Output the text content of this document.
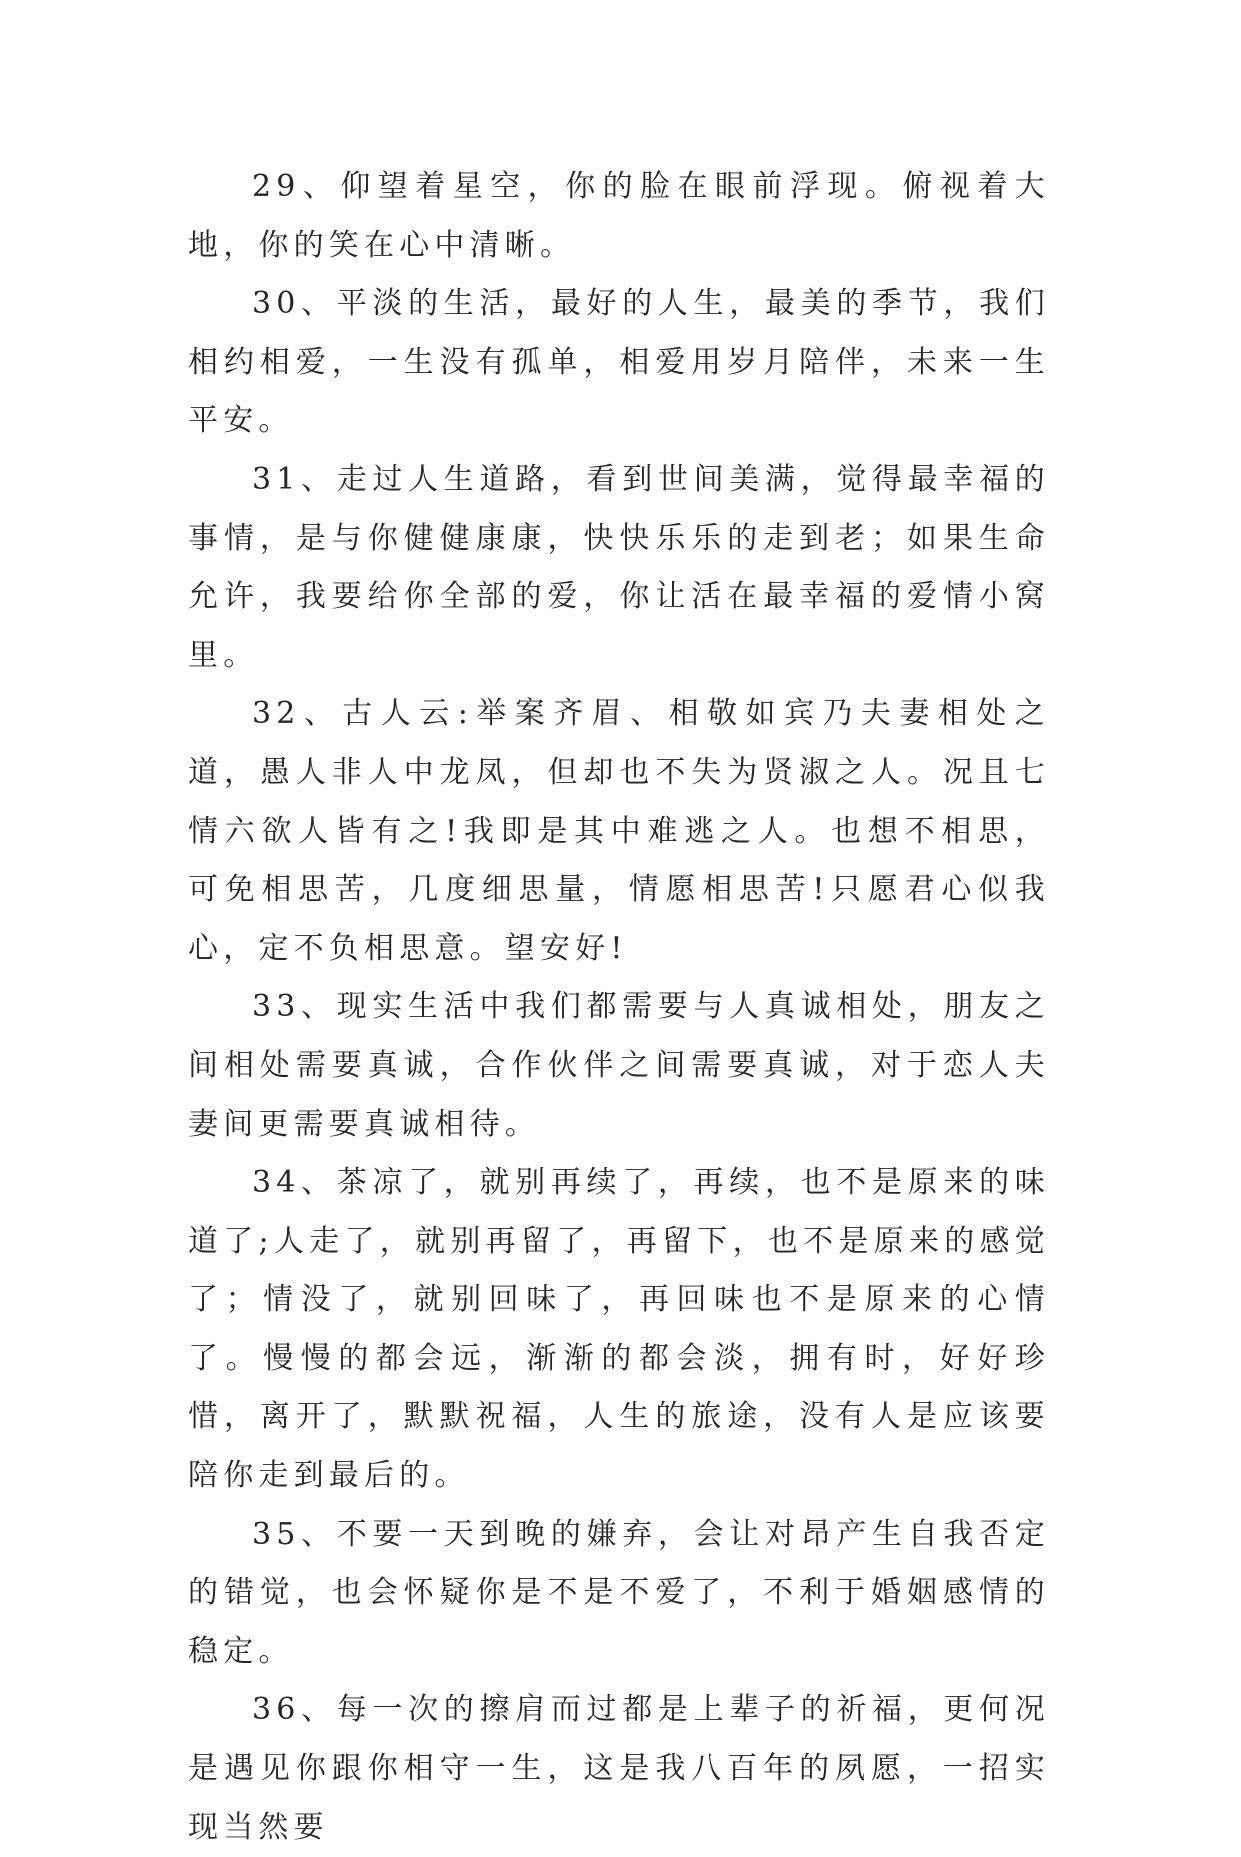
29、仰望着星空，你的脸在眼前浮现。俯视着大地，你的笑在心中清晰。

30、平淡的生活，最好的人生，最美的季节，我们相约相爱，一生没有孤单，相爱用岁月陪伴，未来一生平安。

31、走过人生道路，看到世间美满，觉得最幸福的事情，是与你健健康康，快快乐乐的走到老；如果生命允许，我要给你全部的爱，你让活在最幸福的爱情小窝里。

32、古人云:举案齐眉、相敬如宾乃夫妻相处之道，愚人非人中龙凤，但却也不失为贤淑之人。况且七情六欲人皆有之!我即是其中难逃之人。也想不相思，可免相思苦，几度细思量，情愿相思苦!只愿君心似我心，定不负相思意。望安好!

33、现实生活中我们都需要与人真诚相处，朋友之间相处需要真诚，合作伙伴之间需要真诚，对于恋人夫妻间更需要真诚相待。

34、茶凉了，就别再续了，再续，也不是原来的味道了;人走了，就别再留了，再留下，也不是原来的感觉了；情没了，就别回味了，再回味也不是原来的心情了。慢慢的都会远，渐渐的都会淡，拥有时，好好珍惜，离开了，默默祝福，人生的旅途，没有人是应该要陪你走到最后的。

35、不要一天到晚的嫌弃，会让对昂产生自我否定的错觉，也会怀疑你是不是不爱了，不利于婚姻感情的稳定。

36、每一次的擦肩而过都是上辈子的祈福，更何况是遇见你跟你相守一生，这是我八百年的夙愿，一招实现当然要
